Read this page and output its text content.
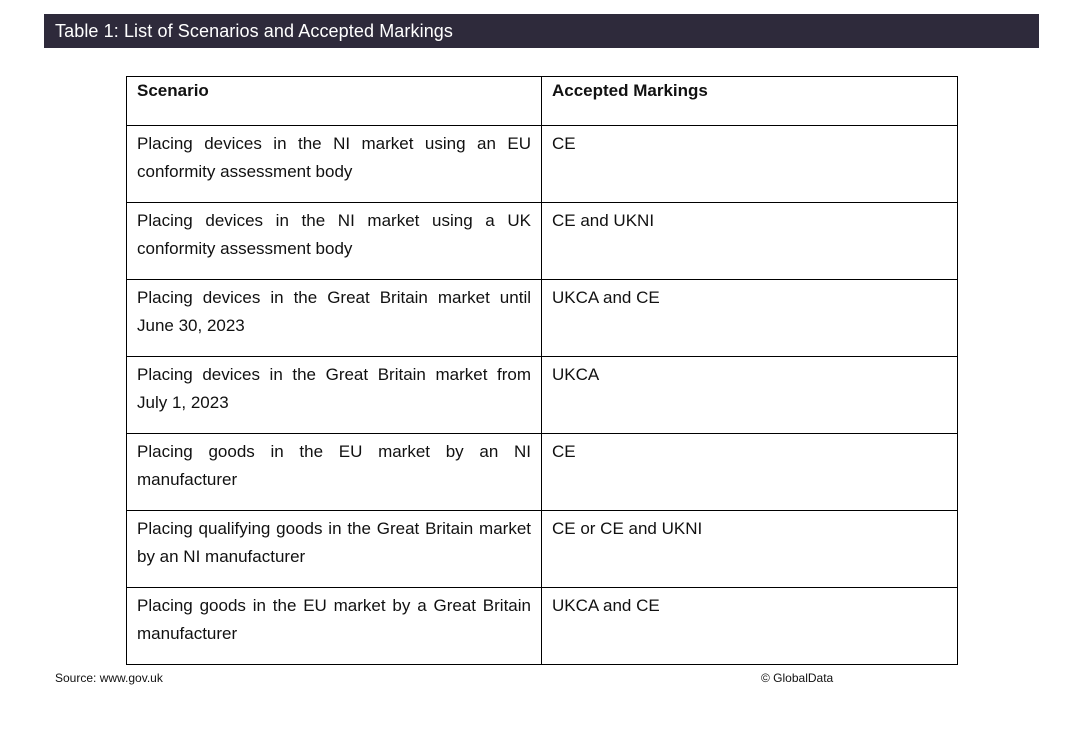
Table 1: List of Scenarios and Accepted Markings
Scenario	Accepted Markings
Placing devices in the NI market using an EU conformity assessment body	CE
Placing devices in the NI market using a UK conformity assessment body	CE and UKNI
Placing devices in the Great Britain market until June 30, 2023	UKCA and CE
Placing devices in the Great Britain market from July 1, 2023	UKCA
Placing goods in the EU market by an NI manufacturer	CE
Placing qualifying goods in the Great Britain market by an NI manufacturer	CE or CE and UKNI
Placing goods in the EU market by a Great Britain manufacturer	UKCA and CE
Source: www.gov.uk	© GlobalData
